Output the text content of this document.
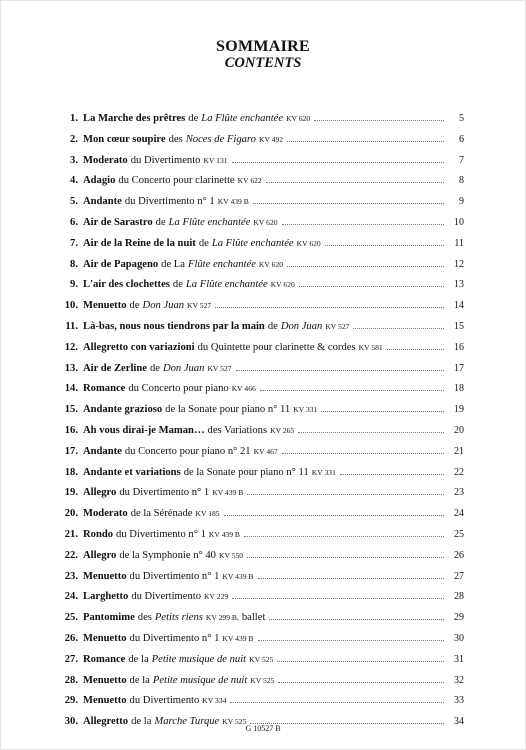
SOMMAIRE
CONTENTS
1. La Marche des prêtres de La Flûte enchantée KV 620	5
2. Mon cœur soupire des Noces de Figaro KV 492	6
3. Moderato du Divertimento KV 131	7
4. Adagio du Concerto pour clarinette KV 622	8
5. Andante du Divertimento n° 1 KV 439 B	9
6. Air de Sarastro de La Flûte enchantée KV 620	10
7. Air de la Reine de la nuit de La Flûte enchantée KV 620	11
8. Air de Papageno de La Flûte enchantée KV 620	12
9. L'air des clochettes de La Flûte enchantée KV 620	13
10. Menuetto de Don Juan KV 527	14
11. Là-bas, nous nous tiendrons par la main de Don Juan KV 527	15
12. Allegretto con variazioni du Quintette pour clarinette & cordes KV 581	16
13. Air de Zerline de Don Juan KV 527	17
14. Romance du Concerto pour piano KV 466	18
15. Andante grazioso de la Sonate pour piano n° 11 KV 331	19
16. Ah vous dirai-je Maman… des Variations KV 265	20
17. Andante du Concerto pour piano n° 21 KV 467	21
18. Andante et variations de la Sonate pour piano n° 11 KV 331	22
19. Allegro du Divertimento n° 1 KV 439 B	23
20. Moderato de la Sérénade KV 185	24
21. Rondo du Divertimento n° 1 KV 439 B	25
22. Allegro de la Symphonie n° 40 KV 550	26
23. Menuetto du Divertimento n° 1 KV 439 B	27
24. Larghetto du Divertimento KV 229	28
25. Pantomime des Petits riens KV 299 B, ballet	29
26. Menuetto du Divertimento n° 1 KV 439 B	30
27. Romance de la Petite musique de nuit KV 525	31
28. Menuetto de la Petite musique de nuit KV 525	32
29. Menuetto du Divertimento KV 334	33
30. Allegretto de la Marche Turque KV 525	34
G 10527 B
